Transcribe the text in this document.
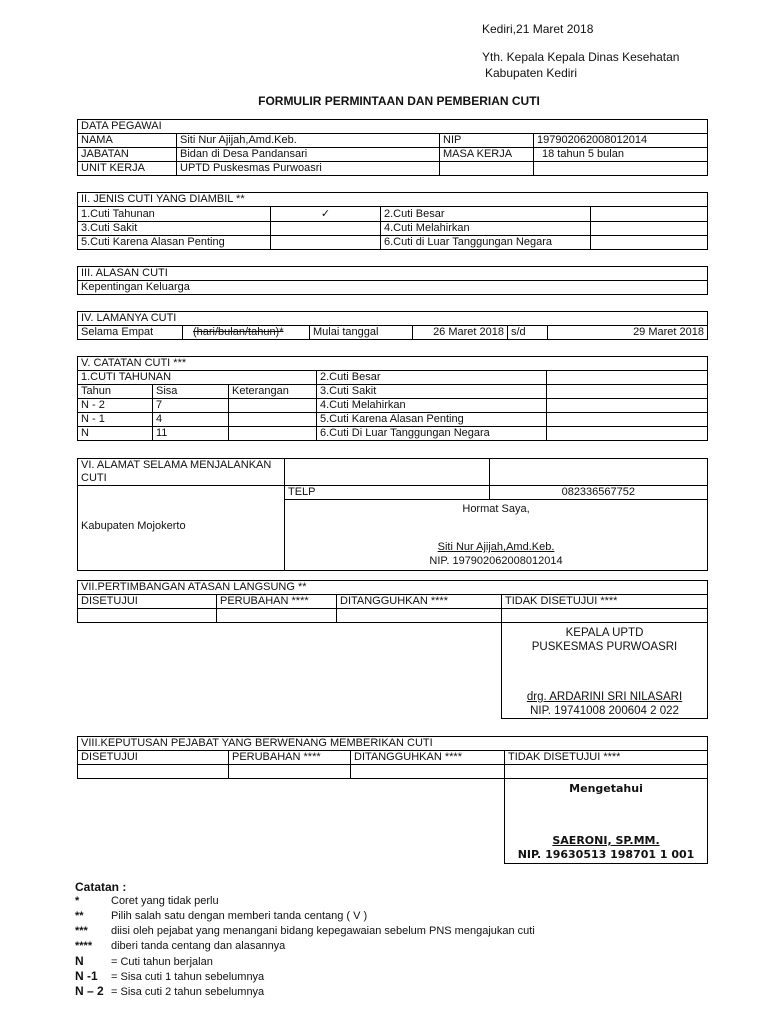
Kediri,21 Maret 2018
Yth. Kepala Kepala Dinas Kesehatan
Kabupaten Kediri
FORMULIR PERMINTAAN DAN PEMBERIAN CUTI
DATA PEGAWAI			
NAMA	Siti Nur Ajijah,Amd.Keb.	NIP	197902062008012014
JABATAN	Bidan di Desa Pandansari	MASA KERJA	18 tahun 5 bulan
UNIT KERJA	UPTD Puskesmas Purwoasri		
II. JENIS CUTI YANG DIAMBIL **			
1.Cuti Tahunan	✓	2.Cuti Besar	
3.Cuti Sakit		4.Cuti Melahirkan	
5.Cuti Karena Alasan Penting		6.Cuti di Luar Tanggungan Negara	
III. ALASAN CUTI
Kepentingan Keluarga
IV. LAMANYA CUTI
Selama Empat	(hari/bulan/tahun)*	Mulai tanggal	26 Maret 2018	s/d	29 Maret 2018
V. CATATAN CUTI ***				
1.CUTI TAHUNAN			2.Cuti Besar	
Tahun	Sisa	Keterangan	3.Cuti Sakit	
N - 2	7		4.Cuti Melahirkan	
N - 1	4		5.Cuti Karena Alasan Penting	
N	11		6.Cuti Di Luar Tanggungan Negara	
VI. ALAMAT SELAMA MENJALANKAN
CUTI		

Kabupaten Mojokerto	TELP	082336567752

	Hormat Saya,
Siti Nur Ajijah,Amd.Keb.
NIP. 197902062008012014	
VII.PERTIMBANGAN ATASAN LANGSUNG **			
DISETUJUI	PERUBAHAN ****	DITANGGUHKAN ****	TIDAK DISETUJUI ****

			KEPALA UPTD
PUSKESMAS PURWOASRI
drg. ARDARINI SRI NILASARI
NIP. 19741008 200604 2 022
VIII.KEPUTUSAN PEJABAT YANG BERWENANG MEMBERIKAN CUTI			
DISETUJUI	PERUBAHAN ****	DITANGGUHKAN ****	TIDAK DISETUJUI ****

			Mengetahui
SAERONI, SP.MM.
NIP. 19630513 198701 1 001
Catatan :
*	Coret yang tidak perlu
** Pilih salah satu dengan memberi tanda centang ( V )
*** diisi oleh pejabat yang menangani bidang kepegawaian sebelum PNS mengajukan cuti
**** diberi tanda centang dan alasannya
N = Cuti tahun berjalan
N -1 = Sisa cuti 1 tahun sebelumnya
N – 2 = Sisa cuti 2 tahun sebelumnya
